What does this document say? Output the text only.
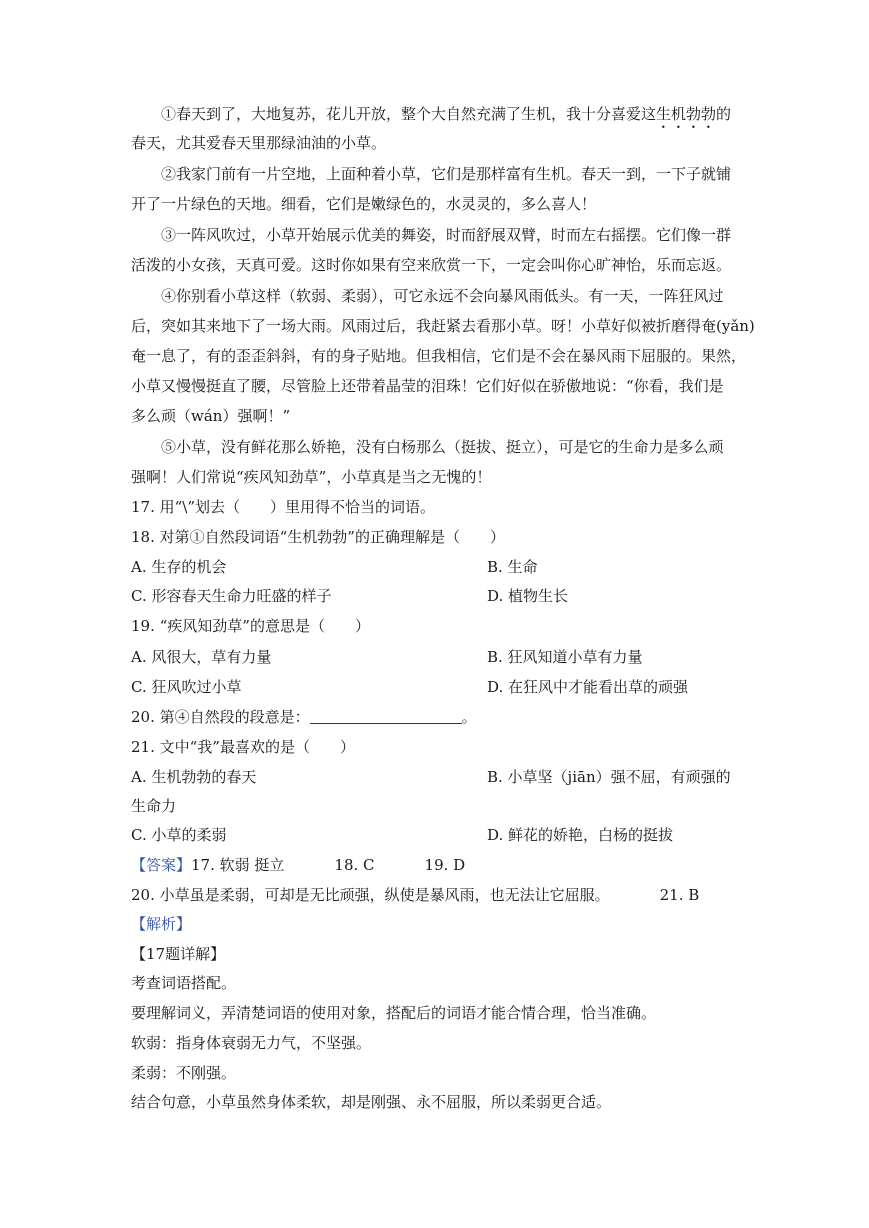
①春天到了，大地复苏，花儿开放，整个大自然充满了生机，我十分喜爱这生机勃勃的
春天，尤其爱春天里那绿油油的小草。
②我家门前有一片空地，上面种着小草，它们是那样富有生机。春天一到，一下子就铺
开了一片绿色的天地。细看，它们是嫩绿色的，水灵灵的，多么喜人！
③一阵风吹过，小草开始展示优美的舞姿，时而舒展双臂，时而左右摇摆。它们像一群
活泼的小女孩，天真可爱。这时你如果有空来欣赏一下，一定会叫你心旷神怡，乐而忘返。
④你别看小草这样（软弱、柔弱），可它永远不会向暴风雨低头。有一天，一阵狂风过
后，突如其来地下了一场大雨。风雨过后，我赶紧去看那小草。呀！小草好似被折磨得奄(yǎn)
奄一息了，有的歪歪斜斜，有的身子贴地。但我相信，它们是不会在暴风雨下屈服的。果然，
小草又慢慢挺直了腰，尽管脸上还带着晶莹的泪珠！它们好似在骄傲地说：“你看，我们是
多么顽（wán）强啊！”
⑤小草，没有鲜花那么娇艳，没有白杨那么（挺拔、挺立），可是它的生命力是多么顽
强啊！人们常说“疾风知劲草”，小草真是当之无愧的！
17. 用“\”划去（　　）里用得不恰当的词语。
18. 对第①自然段词语“生机勃勃”的正确理解是（　　）
A. 生存的机会	B. 生命
C. 形容春天生命力旺盛的样子	D. 植物生长
19. “疾风知劲草”的意思是（　　）
A. 风很大，草有力量	B. 狂风知道小草有力量
C. 狂风吹过小草	D. 在狂风中才能看出草的顽强
20. 第④自然段的段意是：	。
21. 文中“我”最喜欢的是（　　）
A. 生机勃勃的春天	B. 小草坚（jiān）强不屈，有顽强的
生命力
C. 小草的柔弱	D. 鲜花的娇艳，白杨的挺拔
【答案】17. 软弱 挺立	18. C	19. D
20. 小草虽是柔弱，可却是无比顽强，纵使是暴风雨，也无法让它屈服。	21. B
【解析】
【17题详解】
考查词语搭配。
要理解词义，弄清楚词语的使用对象，搭配后的词语才能合情合理，恰当准确。
软弱：指身体衰弱无力气，不坚强。
柔弱：不刚强。
结合句意，小草虽然身体柔软，却是刚强、永不屈服，所以柔弱更合适。
